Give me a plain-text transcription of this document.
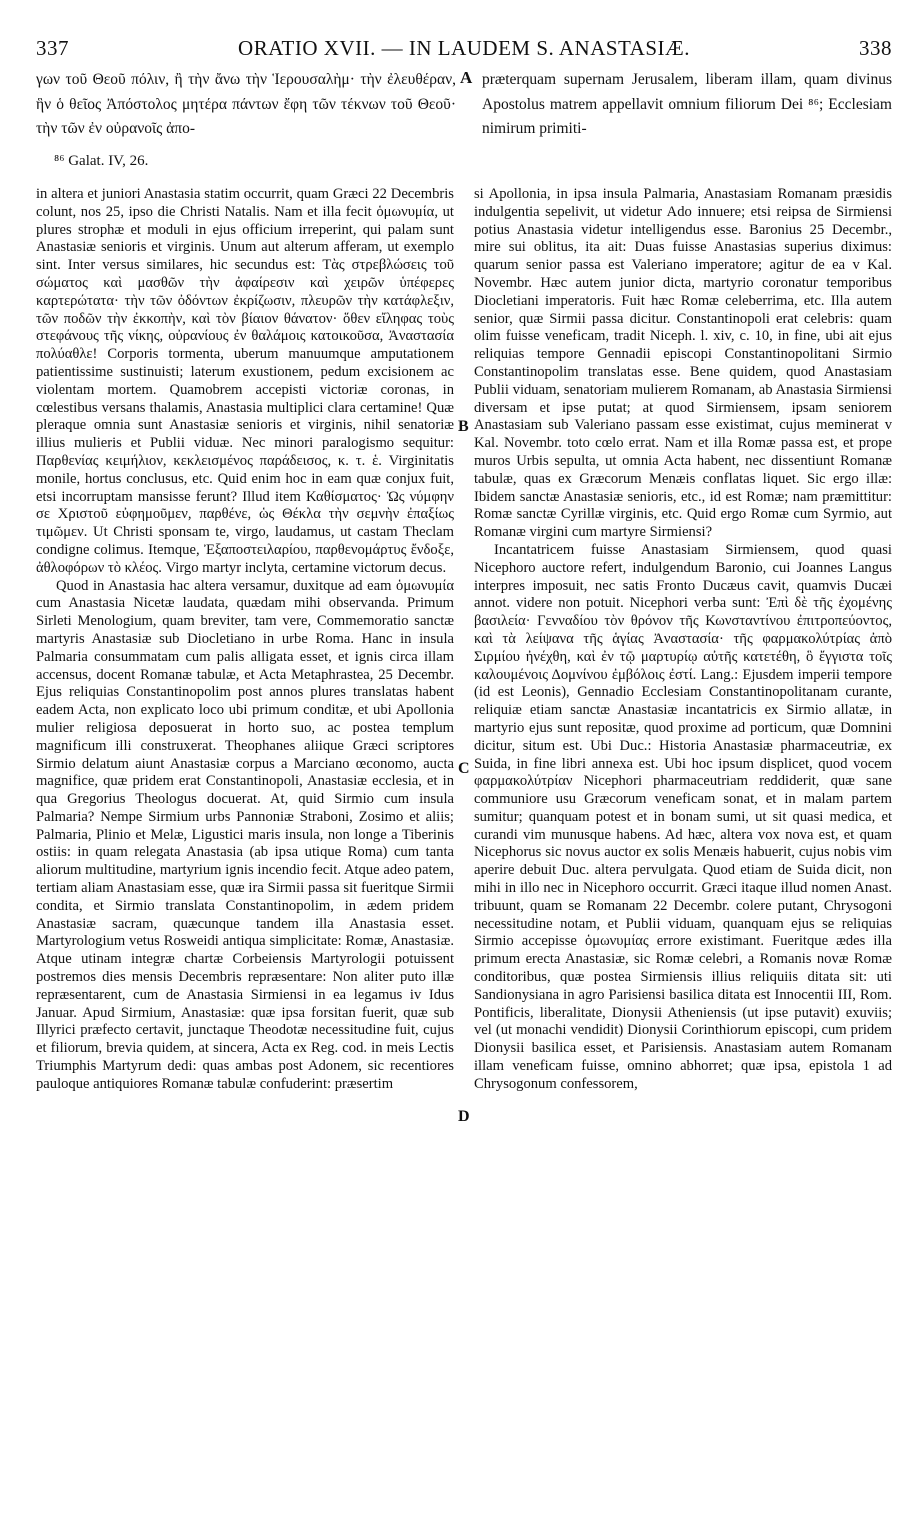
337	ORATIO XVII. — IN LAUDEM S. ANASTASIÆ.	338
γων τοῦ Θεοῦ πόλιν, ἢ τὴν ἄνω τὴν Ἱερουσαλὴμ· τὴν ἐλευθέραν, ἣν ὁ θεῖος Ἀπόστολος μητέρα πάντων ἔφη τῶν τέκνων τοῦ Θεοῦ· τὴν τῶν ἐν οὐρανοῖς ἀπο-
A præterquam supernam Jerusalem, liberam illam, quam divinus Apostolus matrem appellavit omnium filiorum Dei ⁸⁶; Ecclesiam nimirum primiti-
⁸⁶ Galat. IV, 26.

in altera et juniori Anastasia statim occurrit, quam Græci 22 Decembris colunt, nos 25, ipso die Christi Natalis. Nam et illa fecit ὁμωνυμία, ut plures strophæ et moduli in ejus officium irreperint, qui palam sunt Anastasiæ senioris et virginis. Unum aut alterum afferam, ut exemplo sint. Inter versus similares, hic secundus est: Τὰς στρεβλώσεις τοῦ σώματος καὶ μασθῶν τὴν ἀφαίρεσιν καὶ χειρῶν ὑπέφερες καρτερώτατα· τὴν τῶν ὀδόντων ἐκρίζωσιν, πλευρῶν τὴν κατάφλεξιν, τῶν ποδῶν τὴν ἐκκοπὴν, καὶ τὸν βίαιον θάνατον· ὅθεν εἴληφας τοὺς στεφάνους τῆς νίκης, οὐρανίους ἐν θαλάμοις κατοικοῦσα, Ἀναστασία πολύαθλε! Corporis tormenta, uberum manuumque amputationem patientissime sustinuisti; laterum exustionem, pedum excisionem ac violentam mortem. Quamobrem accepisti victoriæ coronas, in cœlestibus versans thalamis, Anastasia multiplici clara certamine! Quæ pleraque omnia sunt Anastasiæ senioris et virginis, nihil senatoriæ illius mulieris et Publii viduæ. Nec minori paralogismo sequitur: Παρθενίας κειμήλιον, κεκλεισμένος παράδεισος, κ. τ. ἑ. Virginitatis monile, hortus conclusus, etc. Quid enim hoc in eam quæ conjux fuit, etsi incorruptam mansisse ferunt? Illud item Καθίσματος· Ὡς νύμφην σε Χριστοῦ εὐφημοῦμεν, παρθένε, ὡς Θέκλα τὴν σεμνὴν ἐπαξίως τιμῶμεν. Ut Christi sponsam te, virgo, laudamus, ut castam Theclam condigne colimus. Itemque, Ἐξαποστειλαρίου, παρθενομάρτυς ἔνδοξε, ἀθλοφόρων τὸ κλέος. Virgo martyr inclyta, certamine victorum decus.

Quod in Anastasia hac altera versamur, duxitque ad eam ὁμωνυμία cum Anastasia Nicetæ laudata, quædam mihi observanda. Primum Sirleti Menologium, quam breviter, tam vere, Commemoratio sanctæ martyris Anastasiæ sub Diocletiano in urbe Roma. Hanc in insula Palmaria consummatam cum palis alligata esset, et ignis circa illam accensus, docent Romanæ tabulæ, et Acta Metaphrastea, 25 Decembr. Ejus reliquias Constantinopolim post annos plures translatas habent eadem Acta, non explicato loco ubi primum conditæ, et ubi Apollonia mulier religiosa deposuerat in horto suo, ac postea templum magnificum illi construxerat. Theophanes aliique Græci scriptores Sirmio delatum aiunt Anastasiæ corpus a Marciano œconomo, aucta magnifice, quæ pridem erat Constantinopoli, Anastasiæ ecclesia, et in qua Gregorius Theologus docuerat. At, quid Sirmio cum insula Palmaria? Nempe Sirmium urbs Pannoniæ Straboni, Zosimo et aliis; Palmaria, Plinio et Melæ, Ligustici maris insula, non longe a Tiberinis ostiis: in quam relegata Anastasia (ab ipsa utique Roma) cum tanta aliorum multitudine, martyrium ignis incendio fecit. Atque adeo patem, tertiam aliam Anastasiam esse, quæ ira Sirmii passa sit fueritque Sirmii condita, et Sirmio translata Constantinopolim, in ædem pridem Anastasiæ sacram, quæcunque tandem illa Anastasia esset. Martyrologium vetus Rosweidi antiqua simplicitate: Romæ, Anastasiæ. Atque utinam integræ chartæ Corbeiensis Martyrologii potuissent postremos dies mensis Decembris repræsentare: Non aliter puto illæ repræsentarent, cum de Anastasia Sirmiensi in ea legamus iv Idus Januar. Apud Sirmium, Anastasiæ: quæ ipsa forsitan fuerit, quæ sub Illyrici præfecto certavit, junctaque Theodotæ necessitudine fuit, cujus et filiorum, brevia quidem, at sincera, Acta ex Reg. cod. in meis Lectis Triumphis Martyrum dedi: quas ambas post Adonem, sic recentiores pauloque antiquiores Romanæ tabulæ confuderint: præsertim

B
C
D

si Apollonia, in ipsa insula Palmaria, Anastasiam Romanam præsidis indulgentia sepelivit, ut videtur Ado innuere; etsi reipsa de Sirmiensi potius Anastasia videtur intelligendus esse. Baronius 25 Decembr., mire sui oblitus, ita ait: Duas fuisse Anastasias superius diximus: quarum senior passa est Valeriano imperatore; agitur de ea v Kal. Novembr. Hæc autem junior dicta, martyrio coronatur temporibus Diocletiani imperatoris. Fuit hæc Romæ celeberrima, etc. Illa autem senior, quæ Sirmii passa dicitur. Constantinopoli erat celebris: quam olim fuisse veneficam, tradit Niceph. l. xiv, c. 10, in fine, ubi ait ejus reliquias tempore Gennadii episcopi Constantinopolitani Sirmio Constantinopolim translatas esse. Bene quidem, quod Anastasiam Publii viduam, senatoriam mulierem Romanam, ab Anastasia Sirmiensi diversam et ipse putat; at quod Sirmiensem, ipsam seniorem Anastasiam sub Valeriano passam esse existimat, cujus meminerat v Kal. Novembr. toto cœlo errat. Nam et illa Romæ passa est, et prope muros Urbis sepulta, ut omnia Acta habent, nec dissentiunt Romanæ tabulæ, quas ex Græcorum Menæis conflatas liquet. Sic ergo illæ: Ibidem sanctæ Anastasiæ senioris, etc., id est Romæ; nam præmittitur: Romæ sanctæ Cyrillæ virginis, etc. Quid ergo Romæ cum Syrmio, aut Romanæ virgini cum martyre Sirmiensi?

Incantatricem fuisse Anastasiam Sirmiensem, quod quasi Nicephoro auctore refert, indulgendum Baronio, cui Joannes Langus interpres imposuit, nec satis Fronto Ducæus cavit, quamvis Ducæi annot. videre non potuit. Nicephori verba sunt: Ἐπὶ δὲ τῆς ἐχομένης βασιλεία· Γενναδίου τὸν θρόνον τῆς Κωνσταντίνου ἐπιτροπεύοντος, καὶ τὰ λείψανα τῆς ἁγίας Ἀναστασία· τῆς φαρμακολύτρίας ἀπὸ Σιρμίου ἠνέχθη, καὶ ἐν τῷ μαρτυρίῳ αὐτῆς κατετέθη, ὃ ἔγγιστα τοῖς καλουμένοις Δομνίνου ἐμβόλοις ἐστί. Lang.: Ejusdem imperii tempore (id est Leonis), Gennadio Ecclesiam Constantinopolitanam curante, reliquiæ etiam sanctæ Anastasiæ incantatricis ex Sirmio allatæ, in martyrio ejus sunt repositæ, quod proxime ad porticum, quæ Domnini dicitur, situm est. Ubi Duc.: Historia Anastasiæ pharmaceutriæ, ex Suida, in fine libri annexa est. Ubi hoc ipsum displicet, quod vocem φαρμακολύτρίαν Nicephori pharmaceutriam reddiderit, quæ sane communiore usu Græcorum veneficam sonat, et in malam partem sumitur; quanquam potest et in bonam sumi, ut sit quasi medica, et curandi vim munusque habens. Ad hæc, altera vox nova est, et quam Nicephorus sic novus auctor ex solis Menæis habuerit, cujus nobis vim aperire debuit Duc. altera pervulgata. Quod etiam de Suida dicit, non mihi in illo nec in Nicephoro occurrit. Græci itaque illud nomen Anast. tribuunt, quam se Romanam 22 Decembr. colere putant, Chrysogoni necessitudine notam, et Publii viduam, quanquam ejus se reliquias Sirmio accepisse ὁμωνυμίας errore existimant. Fueritque ædes illa primum erecta Anastasiæ, sic Romæ celebri, a Romanis novæ Romæ conditoribus, quæ postea Sirmiensis illius reliquiis ditata sit: uti Sandionysiana in agro Parisiensi basilica ditata est Innocentii III, Rom. Pontificis, liberalitate, Dionysii Atheniensis (ut ipse putavit) exuviis; vel (ut monachi vendidit) Dionysii Corinthiorum episcopi, cum pridem Dionysii basilica esset, et Parisiensis. Anastasiam autem Romanam illam veneficam fuisse, omnino abhorret; quæ ipsa, epistola 1 ad Chrysogonum confessorem,
